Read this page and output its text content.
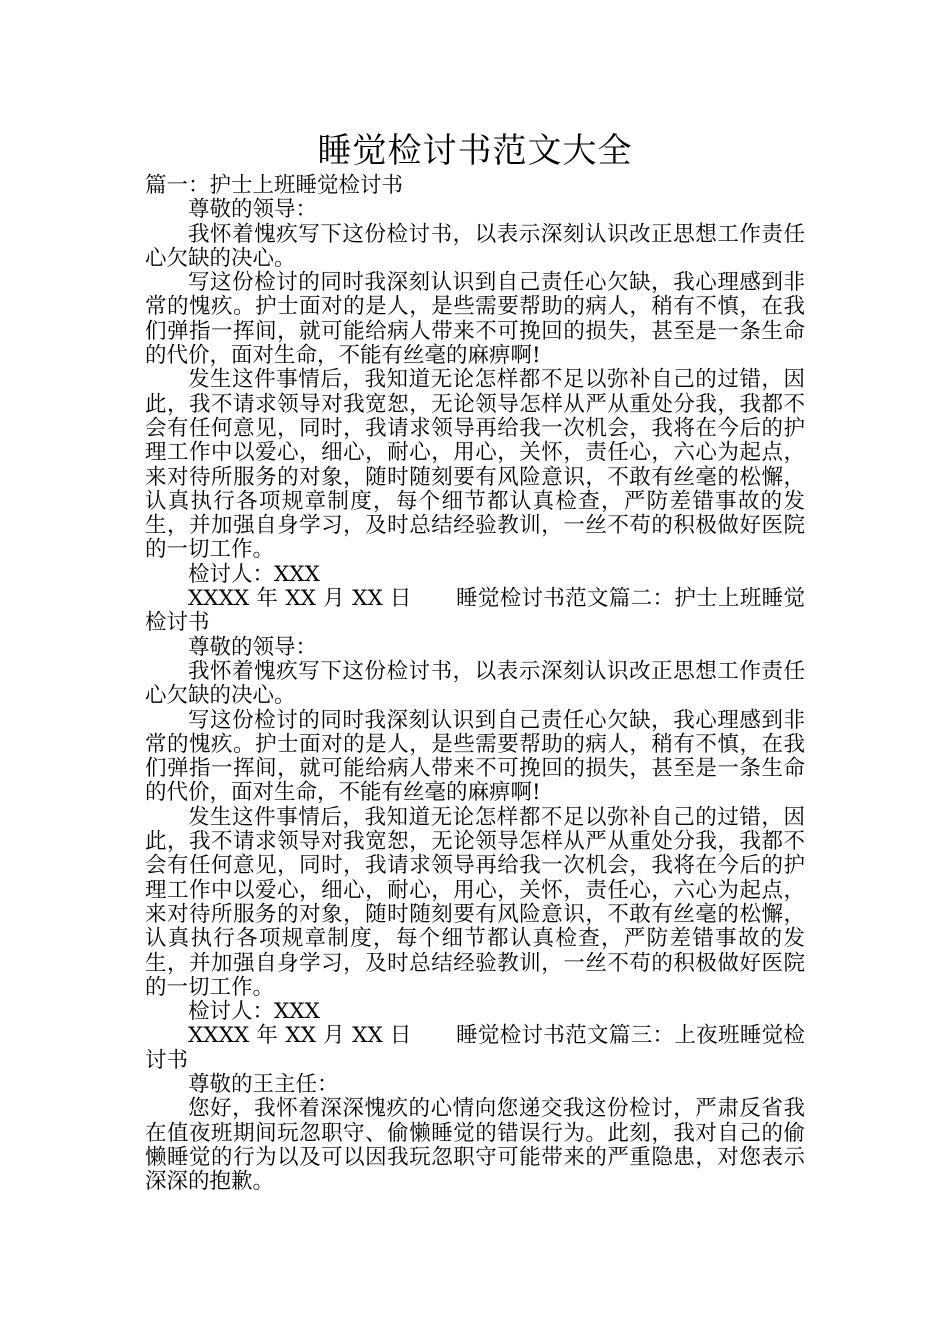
睡觉检讨书范文大全

篇一：护士上班睡觉检讨书

尊敬的领导：

我怀着愧疚写下这份检讨书，以表示深刻认识改正思想工作责任心欠缺的决心。

写这份检讨的同时我深刻认识到自己责任心欠缺，我心理感到非常的愧疚。护士面对的是人，是些需要帮助的病人，稍有不慎，在我们弹指一挥间，就可能给病人带来不可挽回的损失，甚至是一条生命的代价，面对生命，不能有丝毫的麻痹啊!

发生这件事情后，我知道无论怎样都不足以弥补自己的过错，因此，我不请求领导对我宽恕，无论领导怎样从严从重处分我，我都不会有任何意见，同时，我请求领导再给我一次机会，我将在今后的护理工作中以爱心，细心，耐心，用心，关怀，责任心，六心为起点，来对待所服务的对象，随时随刻要有风险意识，不敢有丝毫的松懈，认真执行各项规章制度，每个细节都认真检查，严防差错事故的发生，并加强自身学习，及时总结经验教训，一丝不苟的积极做好医院的一切工作。

检讨人：XXX

XXXX 年 XX 月 XX 日 睡觉检讨书范文篇二：护士上班睡觉检讨书

尊敬的领导：

我怀着愧疚写下这份检讨书，以表示深刻认识改正思想工作责任心欠缺的决心。

写这份检讨的同时我深刻认识到自己责任心欠缺，我心理感到非常的愧疚。护士面对的是人，是些需要帮助的病人，稍有不慎，在我们弹指一挥间，就可能给病人带来不可挽回的损失，甚至是一条生命的代价，面对生命，不能有丝毫的麻痹啊!

发生这件事情后，我知道无论怎样都不足以弥补自己的过错，因此，我不请求领导对我宽恕，无论领导怎样从严从重处分我，我都不会有任何意见，同时，我请求领导再给我一次机会，我将在今后的护理工作中以爱心，细心，耐心，用心，关怀，责任心，六心为起点，来对待所服务的对象，随时随刻要有风险意识，不敢有丝毫的松懈，认真执行各项规章制度，每个细节都认真检查，严防差错事故的发生，并加强自身学习，及时总结经验教训，一丝不苟的积极做好医院的一切工作。

检讨人：XXX

XXXX 年 XX 月 XX 日 睡觉检讨书范文篇三：上夜班睡觉检讨书

尊敬的王主任：

您好，我怀着深深愧疚的心情向您递交我这份检讨，严肃反省我在值夜班期间玩忽职守、偷懒睡觉的错误行为。此刻，我对自己的偷懒睡觉的行为以及可以因我玩忽职守可能带来的严重隐患，对您表示深深的抱歉。
